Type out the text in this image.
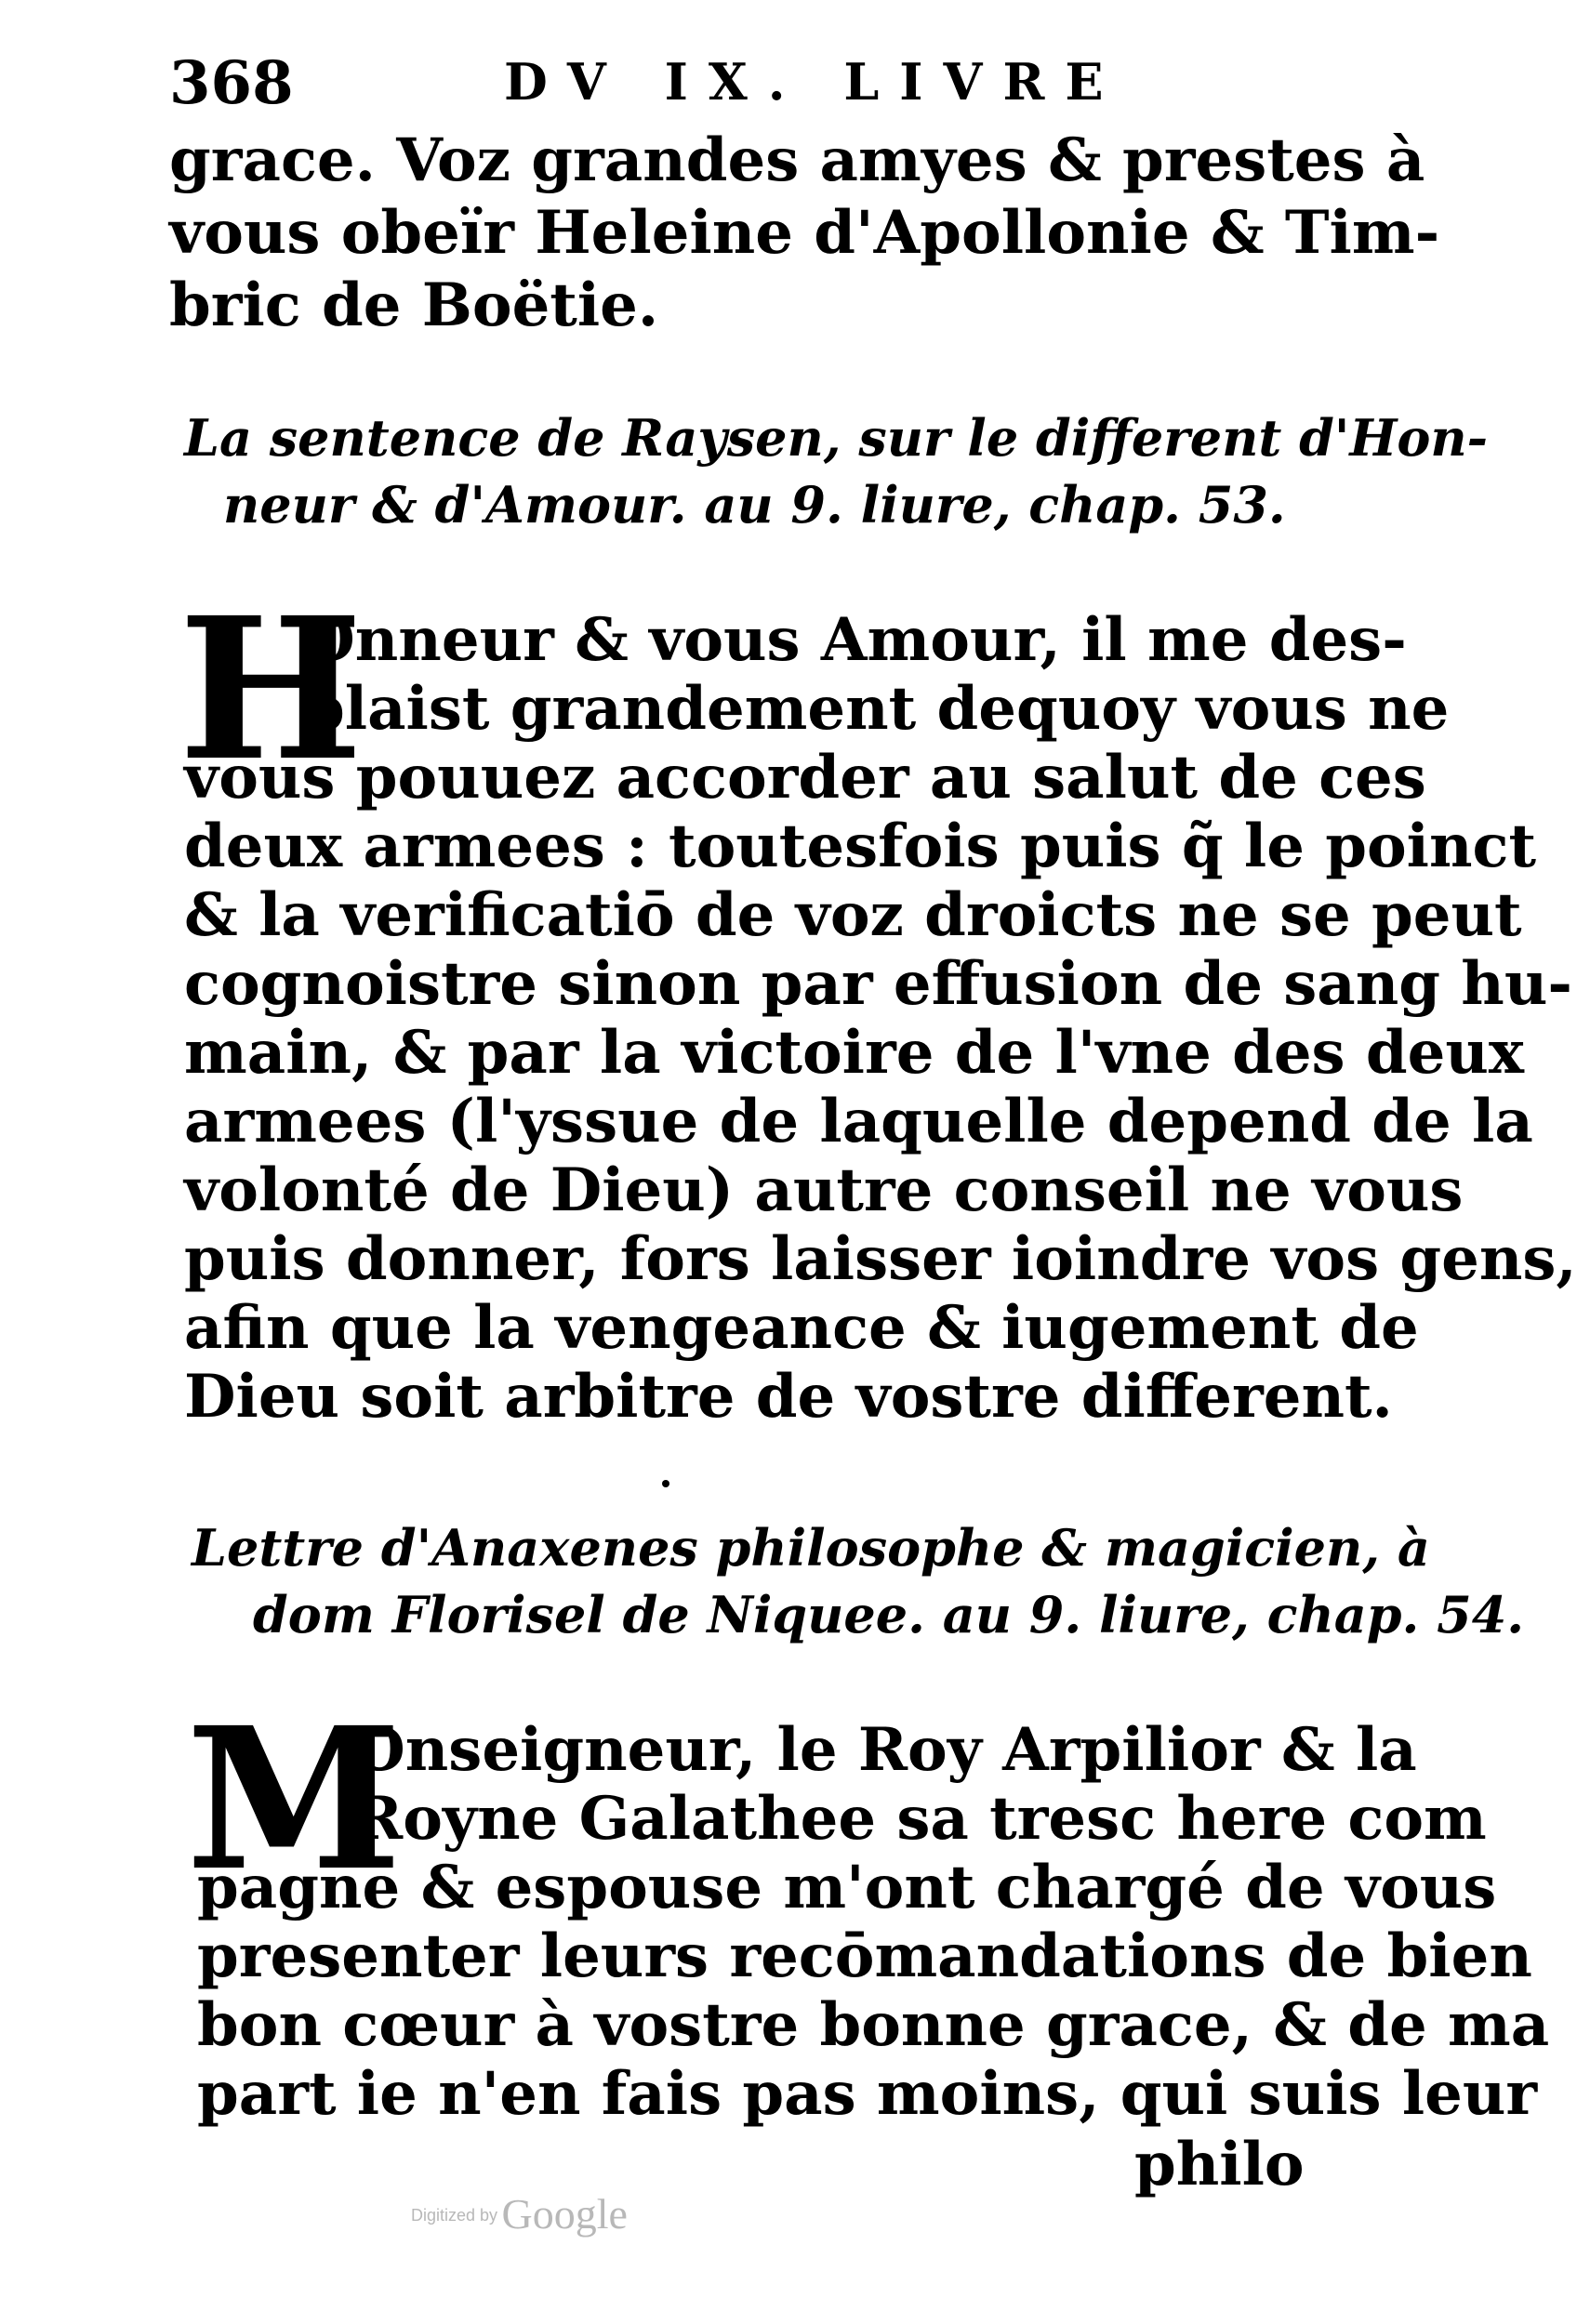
368	DV IX. LIVRE
grace. Voz grandes amyes & prestes à
vous obeïr Heleine d'Apollonie & Tim-
bric de Boëtie.
La sentence de Raysen, sur le different d'Hon-
neur & d'Amour. au 9. liure, chap. 53.
H
Onneur & vous Amour, il me des-
plaist grandement dequoy vous ne
vous pouuez accorder au salut de ces
deux armees : toutesfois puis q̃ le poinct
& la verificatiō de voz droicts ne se peut
cognoistre sinon par effusion de sang hu-
main, & par la victoire de l'vne des deux
armees (l'yssue de laquelle depend de la
volonté de Dieu) autre conseil ne vous
puis donner, fors laisser ioindre vos gens,
afin que la vengeance & iugement de
Dieu soit arbitre de vostre different.
Lettre d'Anaxenes philosophe & magicien, à
dom Florisel de Niquee. au 9. liure, chap. 54.
M
Onseigneur, le Roy Arpilior & la
Royne Galathee sa tresc here com
pagne & espouse m'ont chargé de vous
presenter leurs recōmandations de bien
bon cœur à vostre bonne grace, & de ma
part ie n'en fais pas moins, qui suis leur
philo
Digitized by Google
